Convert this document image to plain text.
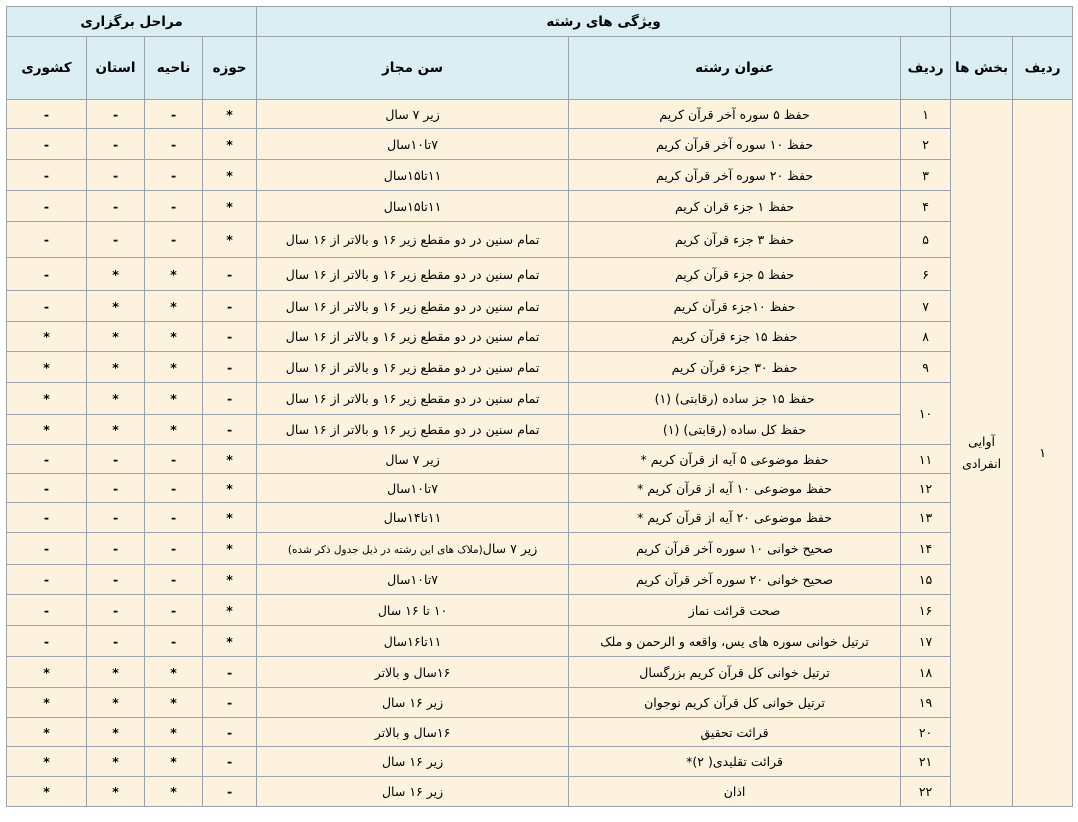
		ویژگی های رشته			مراحل برگزاری			
ردیف	بخش ها	ردیف	عنوان رشته	سن مجاز	حوزه	ناحیه	استان	کشوری
۱	آوایی انفرادی	۱	حفظ ۵ سوره آخر قرآن کریم	زیر ۷ سال	*	-	-	-
		۲	حفظ ۱۰ سوره آخر قرآن کریم	۷تا۱۰سال	*	-	-	-
		۳	حفظ ۲۰ سوره آخر قرآن کریم	۱۱تا۱۵سال	*	-	-	-
		۴	حفظ ۱ جزء قران کریم	۱۱تا۱۵سال	*	-	-	-
		۵	حفظ ۳ جزء قرآن کریم	تمام سنین در دو مقطع زیر ۱۶ و بالاتر از ۱۶ سال	*	-	-	-
		۶	حفظ ۵ جزء قرآن کریم	تمام سنین در دو مقطع زیر ۱۶ و بالاتر از ۱۶ سال	-	*	*	-
		۷	حفظ ۱۰جزء قرآن کریم	تمام سنین در دو مقطع زیر ۱۶ و بالاتر از ۱۶ سال	-	*	*	-
		۸	حفظ ۱۵ جزء قرآن کریم	تمام سنین در دو مقطع زیر ۱۶ و بالاتر از ۱۶ سال	-	*	*	*
		۹	حفظ ۳۰ جزء قرآن کریم	تمام سنین در دو مقطع زیر ۱۶ و بالاتر از ۱۶ سال	-	*	*	*
		۱۰	حفظ ۱۵ جز ساده (رقابتی) (۱)	تمام سنین در دو مقطع زیر ۱۶ و بالاتر از ۱۶ سال	-	*	*	*
			حفظ کل ساده (رقابتی) (۱)	تمام سنین در دو مقطع زیر ۱۶ و بالاتر از ۱۶ سال	-	*	*	*
		۱۱	حفظ موضوعی ۵ آیه از قرآن کریم *	زیر ۷ سال	*	-	-	-
		۱۲	حفظ موضوعی ۱۰ آیه از قرآن کریم *	۷تا۱۰سال	*	-	-	-
		۱۳	حفظ موضوعی ۲۰ آیه از قرآن کریم *	۱۱تا۱۴سال	*	-	-	-
		۱۴	صحیح خوانی ۱۰ سوره آخر قرآن کریم	زیر ۷ سال(ملاک های این رشته در ذیل جدول ذکر شده)	*	-	-	-
		۱۵	صحیح خوانی ۲۰ سوره آخر قرآن کریم	۷تا۱۰سال	*	-	-	-
		۱۶	صحت قرائت نماز	۱۰ تا ۱۶ سال	*	-	-	-
		۱۷	ترتیل خوانی سوره های یس، واقعه و الرحمن و ملک	۱۱تا۱۶سال	*	-	-	-
		۱۸	ترتیل خوانی کل قرآن کریم بزرگسال	۱۶سال و بالاتر	-	*	*	*
		۱۹	ترتیل خوانی کل قرآن کریم نوجوان	زیر ۱۶ سال	-	*	*	*
		۲۰	قرائت تحقیق	۱۶سال و بالاتر	-	*	*	*
		۲۱	قرائت تقلیدی( ۲)*	زیر ۱۶ سال	-	*	*	*
		۲۲	اذان	زیر ۱۶ سال	-	*	*	*
